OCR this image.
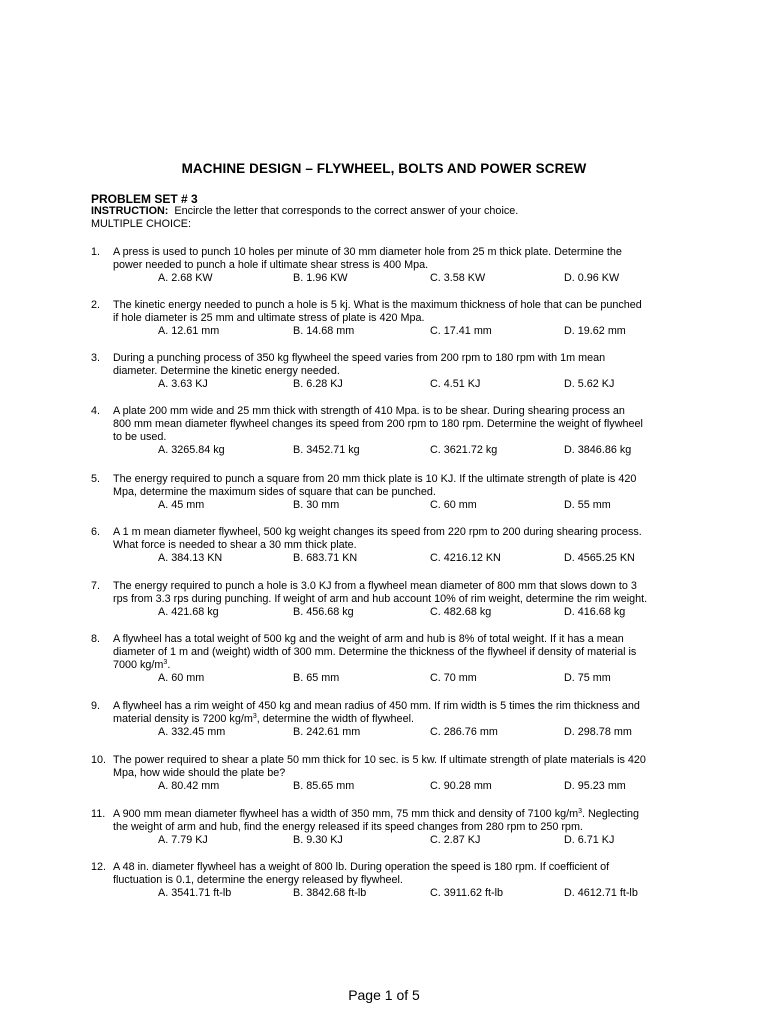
MACHINE DESIGN – FLYWHEEL, BOLTS AND POWER SCREW
PROBLEM SET # 3
INSTRUCTION: Encircle the letter that corresponds to the correct answer of your choice.
MULTIPLE CHOICE:
1. A press is used to punch 10 holes per minute of 30 mm diameter hole from 25 m thick plate. Determine the
power needed to punch a hole if ultimate shear stress is 400 Mpa.
A. 2.68 KW	B. 1.96 KW	C. 3.58 KW	D. 0.96 KW
2. The kinetic energy needed to punch a hole is 5 kj. What is the maximum thickness of hole that can be punched
if hole diameter is 25 mm and ultimate stress of plate is 420 Mpa.
A. 12.61 mm	B. 14.68 mm	C. 17.41 mm	D. 19.62 mm
3. During a punching process of 350 kg flywheel the speed varies from 200 rpm to 180 rpm with 1m mean
diameter. Determine the kinetic energy needed.
A. 3.63 KJ	B. 6.28 KJ	C. 4.51 KJ	D. 5.62 KJ
4. A plate 200 mm wide and 25 mm thick with strength of 410 Mpa. is to be shear. During shearing process an
800 mm mean diameter flywheel changes its speed from 200 rpm to 180 rpm. Determine the weight of flywheel
to be used.
A. 3265.84 kg	B. 3452.71 kg	C. 3621.72 kg	D. 3846.86 kg
5. The energy required to punch a square from 20 mm thick plate is 10 KJ. If the ultimate strength of plate is 420
Mpa, determine the maximum sides of square that can be punched.
A. 45 mm	B. 30 mm	C. 60 mm	D. 55 mm
6. A 1 m mean diameter flywheel, 500 kg weight changes its speed from 220 rpm to 200 during shearing process.
What force is needed to shear a 30 mm thick plate.
A. 384.13 KN	B. 683.71 KN	C. 4216.12 KN	D. 4565.25 KN
7. The energy required to punch a hole is 3.0 KJ from a flywheel mean diameter of 800 mm that slows down to 3
rps from 3.3 rps during punching. If weight of arm and hub account 10% of rim weight, determine the rim weight.
A. 421.68 kg	B. 456.68 kg	C. 482.68 kg	D. 416.68 kg
8. A flywheel has a total weight of 500 kg and the weight of arm and hub is 8% of total weight. If it has a mean
diameter of 1 m and (weight) width of 300 mm. Determine the thickness of the flywheel if density of material is
7000 $kg/m^3$.
A. 60 mm	B. 65 mm	C. 70 mm	D. 75 mm
9. A flywheel has a rim weight of 450 kg and mean radius of 450 mm. If rim width is 5 times the rim thickness and
material density is 7200 $kg/m^3$, determine the width of flywheel.
A. 332.45 mm	B. 242.61 mm	C. 286.76 mm	D. 298.78 mm
10. The power required to shear a plate 50 mm thick for 10 sec. is 5 kw. If ultimate strength of plate materials is 420
Mpa, how wide should the plate be?
A. 80.42 mm	B. 85.65 mm	C. 90.28 mm	D. 95.23 mm
11. A 900 mm mean diameter flywheel has a width of 350 mm, 75 mm thick and density of 7100 $kg/m^3$. Neglecting
the weight of arm and hub, find the energy released if its speed changes from 280 rpm to 250 rpm.
A. 7.79 KJ	B. 9.30 KJ	C. 2.87 KJ	D. 6.71 KJ
12. A 48 in. diameter flywheel has a weight of 800 lb. During operation the speed is 180 rpm. If coefficient of
fluctuation is 0.1, determine the energy released by flywheel.
A. 3541.71 ft-lb	B. 3842.68 ft-lb	C. 3911.62 ft-lb	D. 4612.71 ft-lb
Page 1 of 5
